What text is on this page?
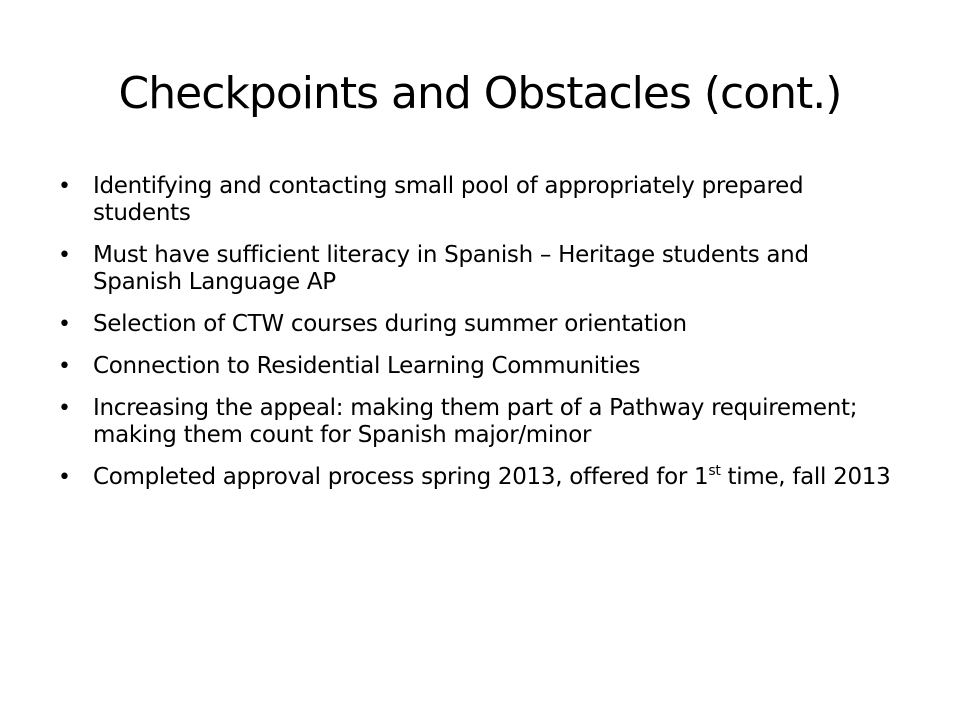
Checkpoints and Obstacles (cont.)
• Identifying and contacting small pool of appropriately prepared students
• Must have sufficient literacy in Spanish – Heritage students and Spanish Language AP
• Selection of CTW courses during summer orientation
• Connection to Residential Learning Communities
• Increasing the appeal: making them part of a Pathway requirement; making them count for Spanish major/minor
• Completed approval process spring 2013, offered for 1st time, fall 2013
